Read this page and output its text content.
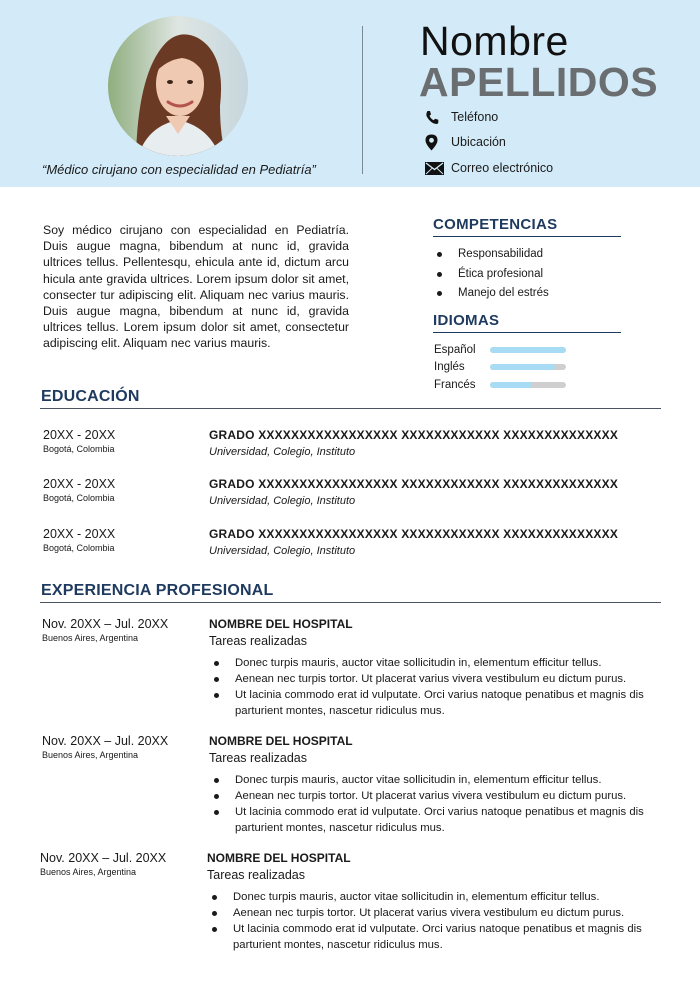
“Médico cirujano con especialidad en Pediatría”
Nombre
APELLIDOS
Teléfono
Ubicación
Correo electrónico

Soy médico cirujano con especialidad en Pediatría. Duis augue magna, bibendum at nunc id, gravida ultrices tellus. Pellentesqu, ehicula ante id, dictum arcu hicula ante gravida ultrices. Lorem ipsum dolor sit amet, consecter tur adipiscing elit. Aliquam nec varius mauris. Duis augue magna, bibendum at nunc id, gravida ultrices tellus. Lorem ipsum dolor sit amet, consectetur adipiscing elit. Aliquam nec varius mauris.

COMPETENCIAS
Responsabilidad
Ética profesional
Manejo del estrés
IDIOMAS
Español
Inglés
Francés
EDUCACIÓN
20XX - 20XX
Bogotá, Colombia
GRADO XXXXXXXXXXXXXXXXX XXXXXXXXXXXX XXXXXXXXXXXXXX
Universidad, Colegio, Instituto
20XX - 20XX
Bogotá, Colombia
GRADO XXXXXXXXXXXXXXXXX XXXXXXXXXXXX XXXXXXXXXXXXXX
Universidad, Colegio, Instituto
20XX - 20XX
Bogotá, Colombia
GRADO XXXXXXXXXXXXXXXXX XXXXXXXXXXXX XXXXXXXXXXXXXX
Universidad, Colegio, Instituto
EXPERIENCIA PROFESIONAL
Nov. 20XX – Jul. 20XX
Buenos Aires, Argentina
NOMBRE DEL HOSPITAL
Tareas realizadas
Donec turpis mauris, auctor vitae sollicitudin in, elementum efficitur tellus.
Aenean nec turpis tortor. Ut placerat varius vivera vestibulum eu dictum purus.
Ut lacinia commodo erat id vulputate. Orci varius natoque penatibus et magnis dis parturient montes, nascetur ridiculus mus.
Nov. 20XX – Jul. 20XX
Buenos Aires, Argentina
NOMBRE DEL HOSPITAL
Tareas realizadas
Donec turpis mauris, auctor vitae sollicitudin in, elementum efficitur tellus.
Aenean nec turpis tortor. Ut placerat varius vivera vestibulum eu dictum purus.
Ut lacinia commodo erat id vulputate. Orci varius natoque penatibus et magnis dis parturient montes, nascetur ridiculus mus.
Nov. 20XX – Jul. 20XX
Buenos Aires, Argentina
NOMBRE DEL HOSPITAL
Tareas realizadas
Donec turpis mauris, auctor vitae sollicitudin in, elementum efficitur tellus.
Aenean nec turpis tortor. Ut placerat varius vivera vestibulum eu dictum purus.
Ut lacinia commodo erat id vulputate. Orci varius natoque penatibus et magnis dis parturient montes, nascetur ridiculus mus.
